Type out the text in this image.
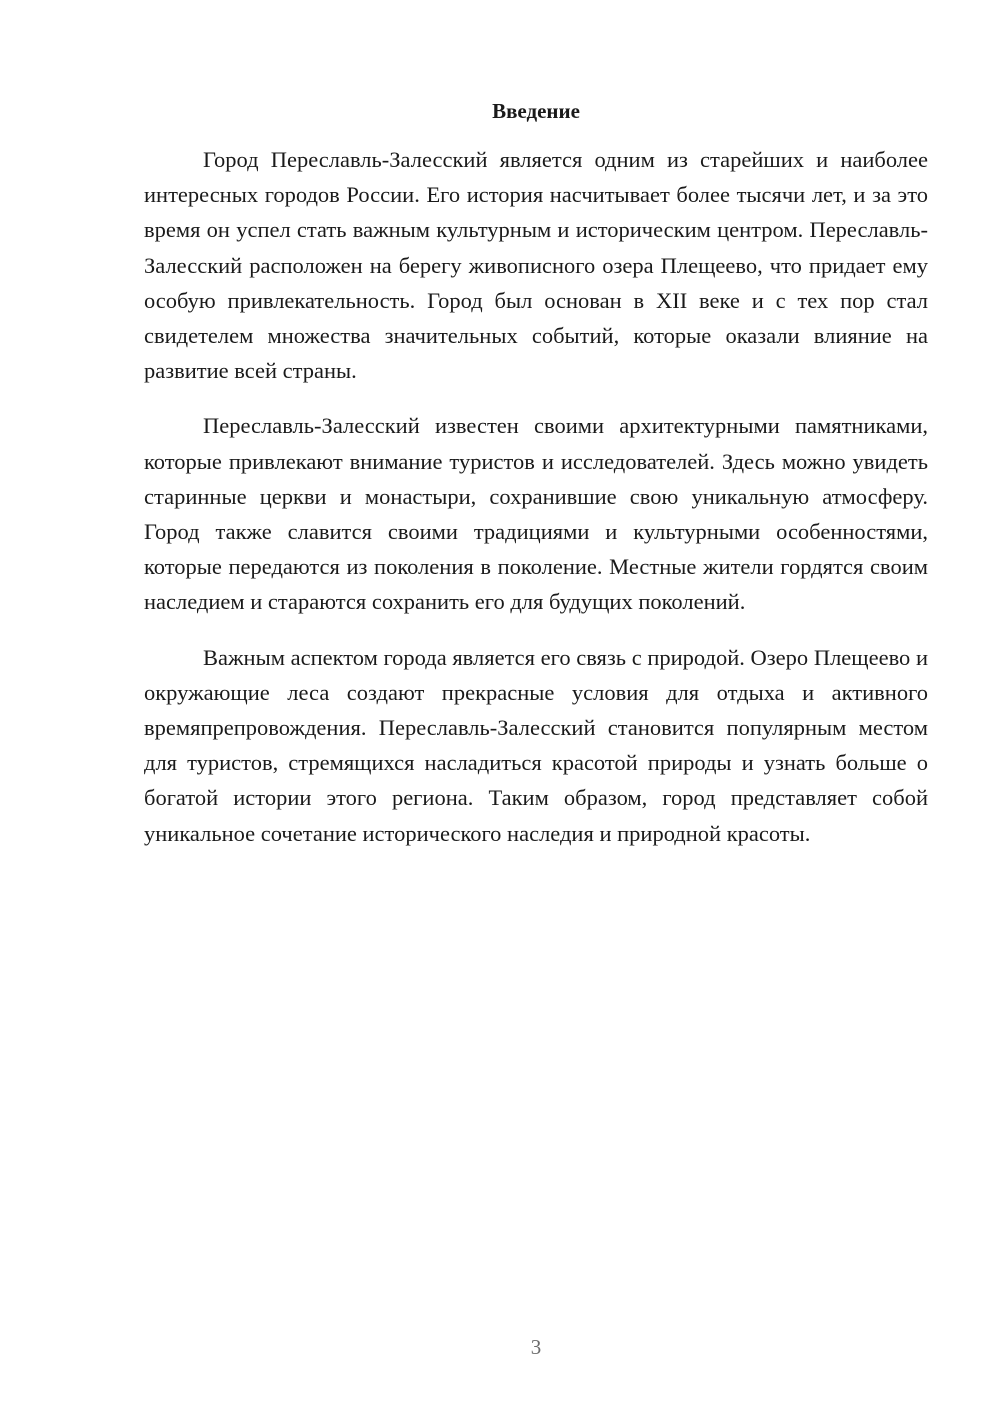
Введение

Город Переславль-Залесский является одним из старейших и наиболее интересных городов России. Его история насчитывает более тысячи лет, и за это время он успел стать важным культурным и историческим центром. Переславль-Залесский расположен на берегу живописного озера Плещеево, что придает ему особую привлекательность. Город был основан в XII веке и с тех пор стал свидетелем множества значительных событий, которые оказали влияние на развитие всей страны.

Переславль-Залесский известен своими архитектурными памятниками, которые привлекают внимание туристов и исследователей. Здесь можно увидеть старинные церкви и монастыри, сохранившие свою уникальную атмосферу. Город также славится своими традициями и культурными особенностями, которые передаются из поколения в поколение. Местные жители гордятся своим наследием и стараются сохранить его для будущих поколений.

Важным аспектом города является его связь с природой. Озеро Плещеево и окружающие леса создают прекрасные условия для отдыха и активного времяпрепровождения. Переславль-Залесский становится популярным местом для туристов, стремящихся насладиться красотой природы и узнать больше о богатой истории этого региона. Таким образом, город представляет собой уникальное сочетание исторического наследия и природной красоты.

3
